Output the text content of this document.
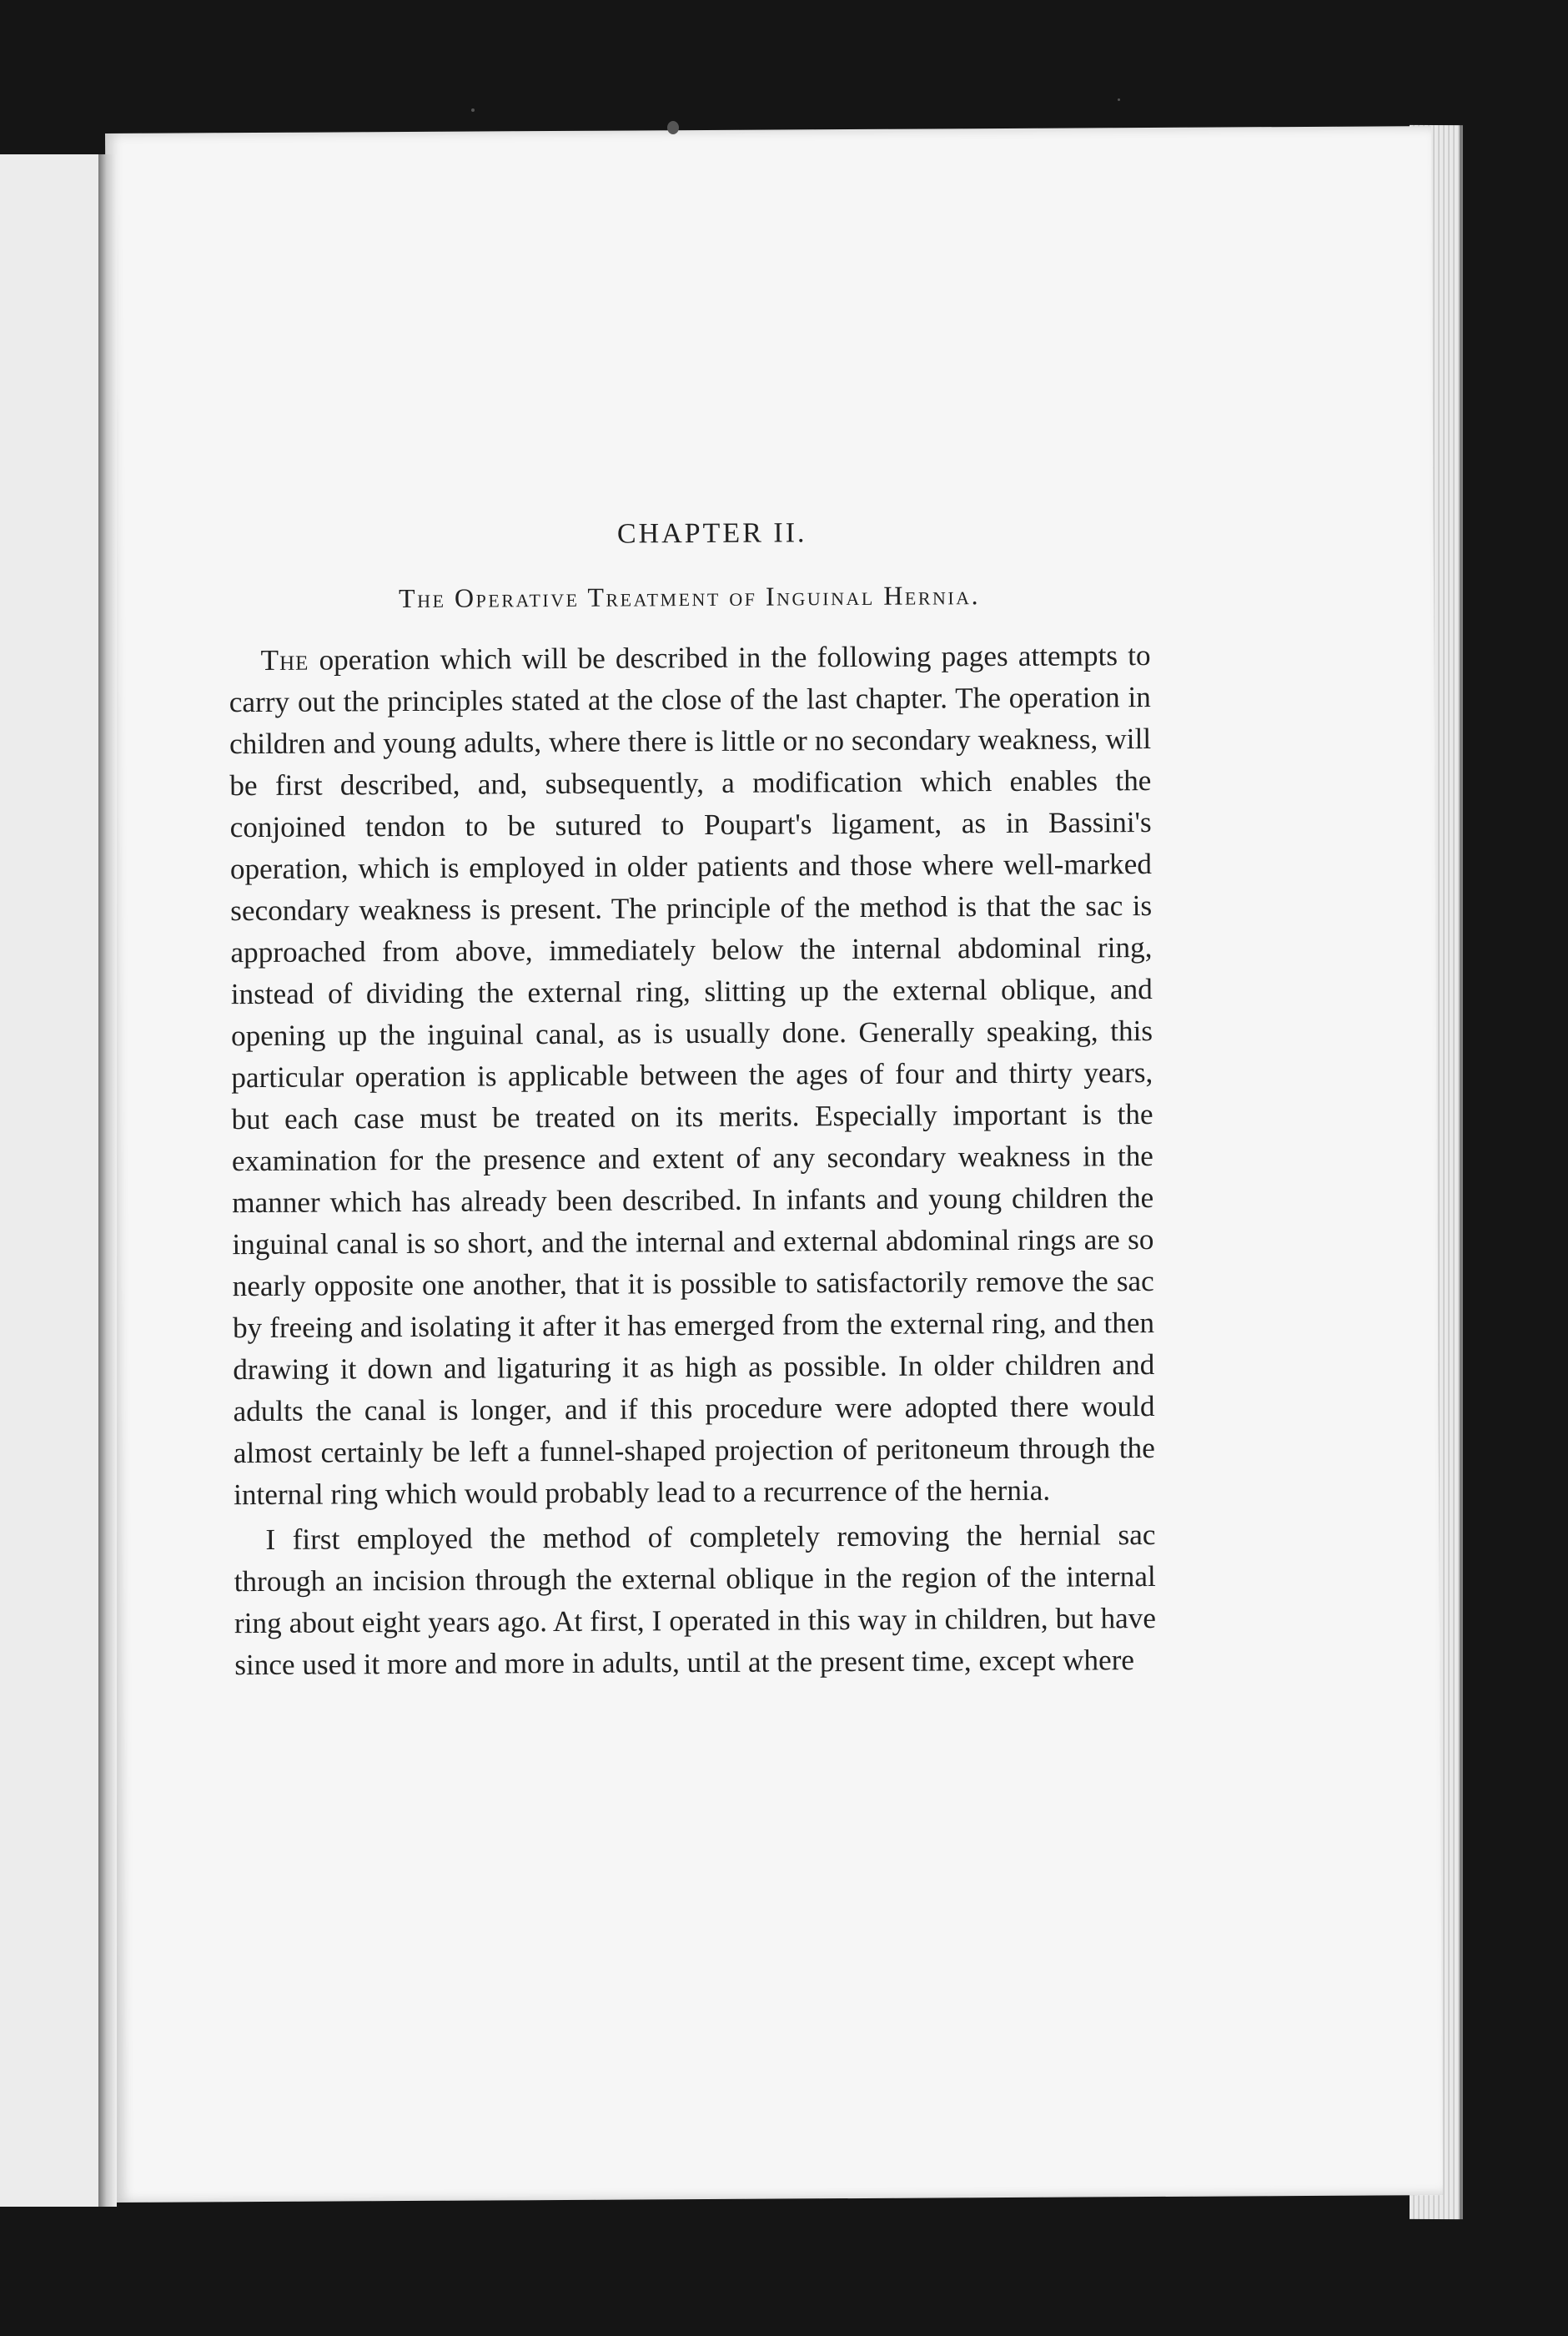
CHAPTER II.
The Operative Treatment of Inguinal Hernia.

The operation which will be described in the following pages attempts to carry out the principles stated at the close of the last chapter. The operation in children and young adults, where there is little or no secondary weakness, will be first described, and, subsequently, a modification which enables the conjoined tendon to be sutured to Poupart's ligament, as in Bassini's operation, which is employed in older patients and those where well-marked secondary weakness is present. The principle of the method is that the sac is approached from above, immediately below the internal abdominal ring, instead of dividing the external ring, slitting up the external oblique, and opening up the inguinal canal, as is usually done. Generally speaking, this particular operation is applicable between the ages of four and thirty years, but each case must be treated on its merits. Especially important is the examination for the presence and extent of any secondary weakness in the manner which has already been described. In infants and young children the inguinal canal is so short, and the internal and external abdominal rings are so nearly opposite one another, that it is possible to satisfactorily remove the sac by freeing and isolating it after it has emerged from the external ring, and then drawing it down and ligaturing it as high as possible. In older children and adults the canal is longer, and if this procedure were adopted there would almost certainly be left a funnel-shaped projection of peritoneum through the internal ring which would probably lead to a recurrence of the hernia.

I first employed the method of completely removing the hernial sac through an incision through the external oblique in the region of the internal ring about eight years ago. At first, I operated in this way in children, but have since used it more and more in adults, until at the present time, except where
